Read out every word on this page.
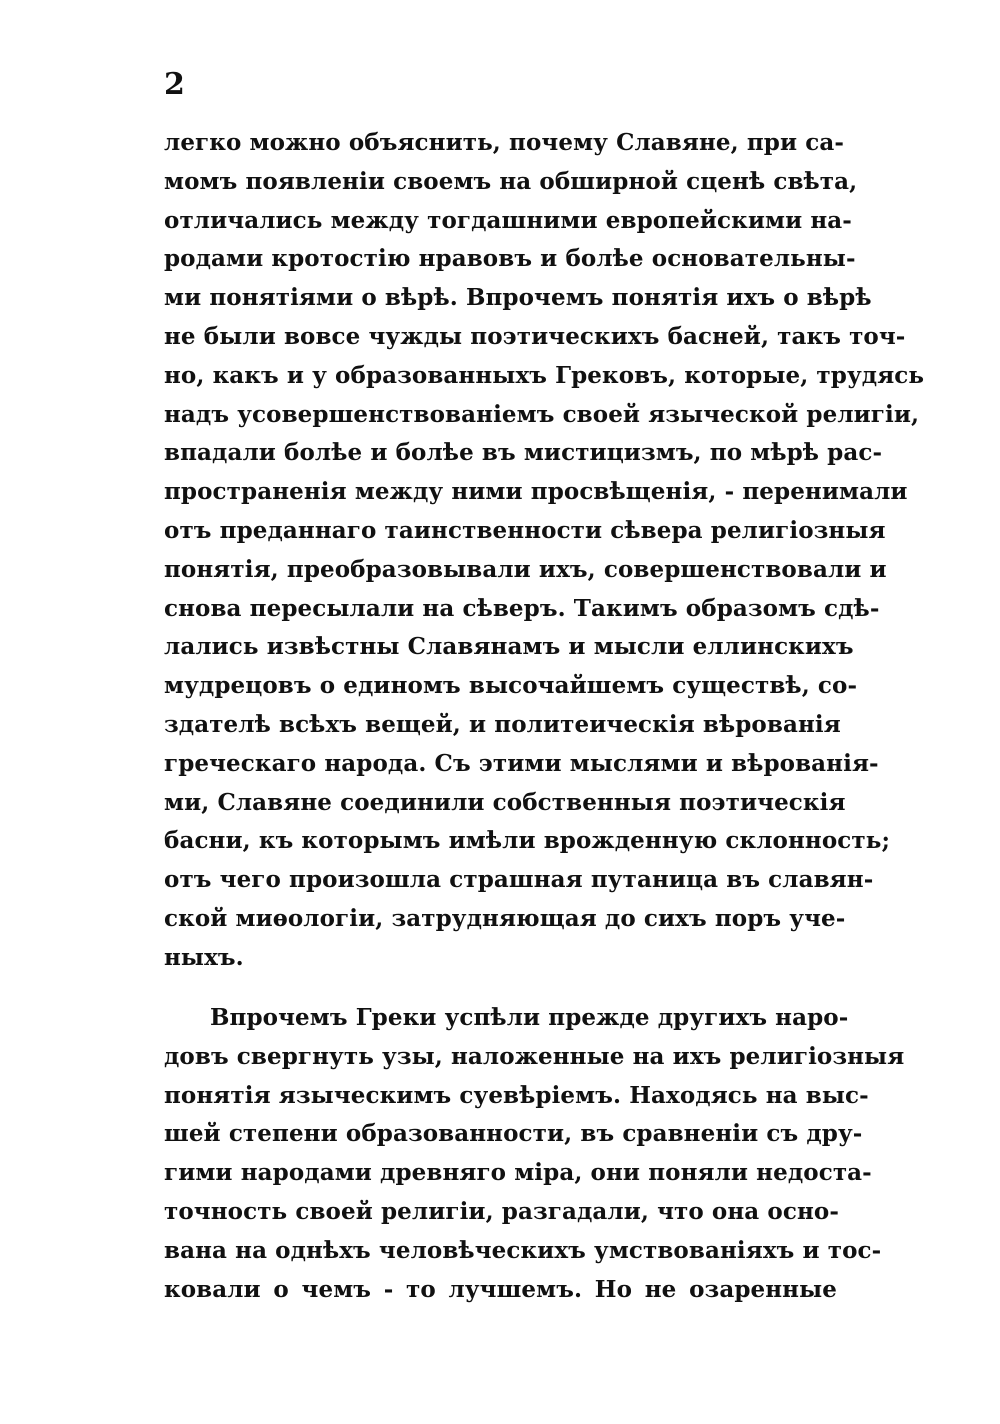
2
легко можно объяснить, почему Славяне, при са-
момъ появленіи своемъ на обширной сценѣ свѣта,
отличались между тогдашними европейскими на-
родами кротостію нравовъ и болѣе основательны-
ми понятіями о вѣрѣ. Впрочемъ понятія ихъ о вѣрѣ
не были вовсе чужды поэтическихъ басней, такъ точ-
но, какъ и у образованныхъ Грековъ, которые, трудясь
надъ усовершенствованіемъ своей языческой религіи,
впадали болѣе и болѣе въ мистицизмъ, по мѣрѣ рас-
пространенія между ними просвѣщенія, - перенимали
отъ преданнаго таинственности сѣвера религіозныя
понятія, преобразовывали ихъ, совершенствовали и
снова пересылали на сѣверъ. Такимъ образомъ сдѣ-
лались извѣстны Славянамъ и мысли еллинскихъ
мудрецовъ о единомъ высочайшемъ существѣ, со-
здателѣ всѣхъ вещей, и политеическія вѣрованія
греческаго народа. Съ этими мыслями и вѣрованія-
ми, Славяне соединили собственныя поэтическія
басни, къ которымъ имѣли врожденную склонность;
отъ чего произошла страшная путаница въ славян-
ской миѳологіи, затрудняющая до сихъ поръ уче-
ныхъ.
Впрочемъ Греки успѣли прежде другихъ наро-
довъ свергнуть узы, наложенные на ихъ религіозныя
понятія языческимъ суевѣріемъ. Находясь на выс-
шей степени образованности, въ сравненіи съ дру-
гими народами древняго міра, они поняли недоста-
точность своей религіи, разгадали, что она осно-
вана на однѣхъ человѣческихъ умствованіяхъ и тос-
ковали о чемъ - то лучшемъ. Но не озаренные
